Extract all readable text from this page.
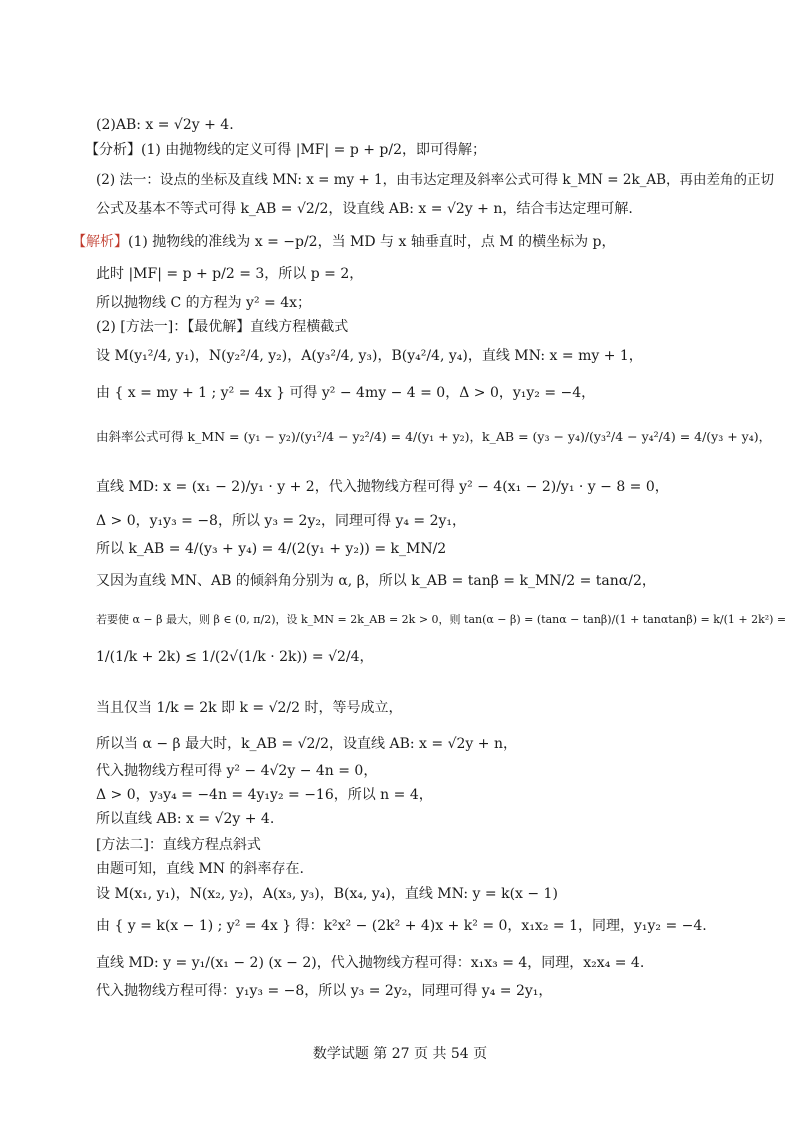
(2)AB: x = √2y + 4.
【分析】(1) 由抛物线的定义可得 |MF| = p + p/2，即可得解；
(2) 法一：设点的坐标及直线 MN: x = my + 1，由韦达定理及斜率公式可得 k_MN = 2k_AB，再由差角的正切
公式及基本不等式可得 k_AB = √2/2，设直线 AB: x = √2y + n，结合韦达定理可解.
【解析】(1) 抛物线的准线为 x = −p/2，当 MD 与 x 轴垂直时，点 M 的横坐标为 p，
此时 |MF| = p + p/2 = 3，所以 p = 2，
所以抛物线 C 的方程为 y² = 4x；
(2) [方法一]：【最优解】直线方程横截式
设 M(y₁²/4, y₁)，N(y₂²/4, y₂)，A(y₃²/4, y₃)，B(y₄²/4, y₄)，直线 MN: x = my + 1，
由 { x = my + 1 ; y² = 4x } 可得 y² − 4my − 4 = 0，Δ > 0，y₁y₂ = −4，
由斜率公式可得 k_MN = (y₁ − y₂)/(y₁²/4 − y₂²/4) = 4/(y₁ + y₂)，k_AB = (y₃ − y₄)/(y₃²/4 − y₄²/4) = 4/(y₃ + y₄)，
直线 MD: x = (x₁ − 2)/y₁ · y + 2，代入抛物线方程可得 y² − 4(x₁ − 2)/y₁ · y − 8 = 0，
Δ > 0，y₁y₃ = −8，所以 y₃ = 2y₂，同理可得 y₄ = 2y₁，
所以 k_AB = 4/(y₃ + y₄) = 4/(2(y₁ + y₂)) = k_MN/2
又因为直线 MN、AB 的倾斜角分别为 α, β，所以 k_AB = tanβ = k_MN/2 = tanα/2，
若要使 α − β 最大，则 β ∈ (0, π/2)，设 k_MN = 2k_AB = 2k > 0，则 tan(α − β) = (tanα − tanβ)/(1 + tanαtanβ) = k/(1 + 2k²) =
1/(1/k + 2k) ≤ 1/(2√(1/k · 2k)) = √2/4，
当且仅当 1/k = 2k 即 k = √2/2 时，等号成立，
所以当 α − β 最大时，k_AB = √2/2，设直线 AB: x = √2y + n，
代入抛物线方程可得 y² − 4√2y − 4n = 0，
Δ > 0，y₃y₄ = −4n = 4y₁y₂ = −16，所以 n = 4，
所以直线 AB: x = √2y + 4.
[方法二]：直线方程点斜式
由题可知，直线 MN 的斜率存在.
设 M(x₁, y₁)，N(x₂, y₂)，A(x₃, y₃)，B(x₄, y₄)，直线 MN: y = k(x − 1)
由 { y = k(x − 1) ; y² = 4x } 得：k²x² − (2k² + 4)x + k² = 0，x₁x₂ = 1，同理，y₁y₂ = −4.
直线 MD: y = y₁/(x₁ − 2) (x − 2)，代入抛物线方程可得：x₁x₃ = 4，同理，x₂x₄ = 4.
代入抛物线方程可得：y₁y₃ = −8，所以 y₃ = 2y₂，同理可得 y₄ = 2y₁，
数学试题 第 27 页 共 54 页
